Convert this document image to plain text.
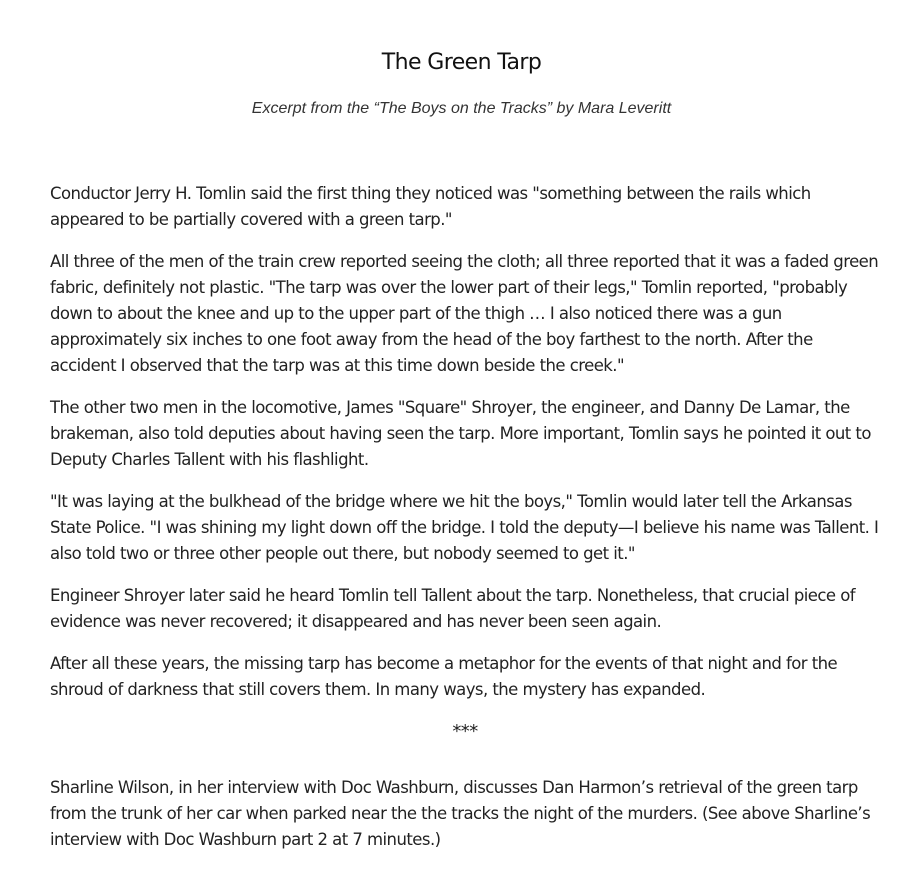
The Green Tarp
Excerpt from the “The Boys on the Tracks” by Mara Leveritt

Conductor Jerry H. Tomlin said the first thing they noticed was "something between the rails which appeared to be partially covered with a green tarp."

All three of the men of the train crew reported seeing the cloth; all three reported that it was a faded green fabric, definitely not plastic. "The tarp was over the lower part of their legs," Tomlin reported, "probably down to about the knee and up to the upper part of the thigh … I also noticed there was a gun approximately six inches to one foot away from the head of the boy farthest to the north. After the accident I observed that the tarp was at this time down beside the creek."

The other two men in the locomotive, James "Square" Shroyer, the engineer, and Danny De Lamar, the brakeman, also told deputies about having seen the tarp. More important, Tomlin says he pointed it out to Deputy Charles Tallent with his flashlight.

"It was laying at the bulkhead of the bridge where we hit the boys," Tomlin would later tell the Arkansas State Police. "I was shining my light down off the bridge. I told the deputy—I believe his name was Tallent. I also told two or three other people out there, but nobody seemed to get it."

Engineer Shroyer later said he heard Tomlin tell Tallent about the tarp. Nonetheless, that crucial piece of evidence was never recovered; it disappeared and has never been seen again.

After all these years, the missing tarp has become a metaphor for the events of that night and for the shroud of darkness that still covers them. In many ways, the mystery has expanded.

***

Sharline Wilson, in her interview with Doc Washburn, discusses Dan Harmon’s retrieval of the green tarp from the trunk of her car when parked near the the tracks the night of the murders. (See above Sharline’s interview with Doc Washburn part 2 at 7 minutes.)
